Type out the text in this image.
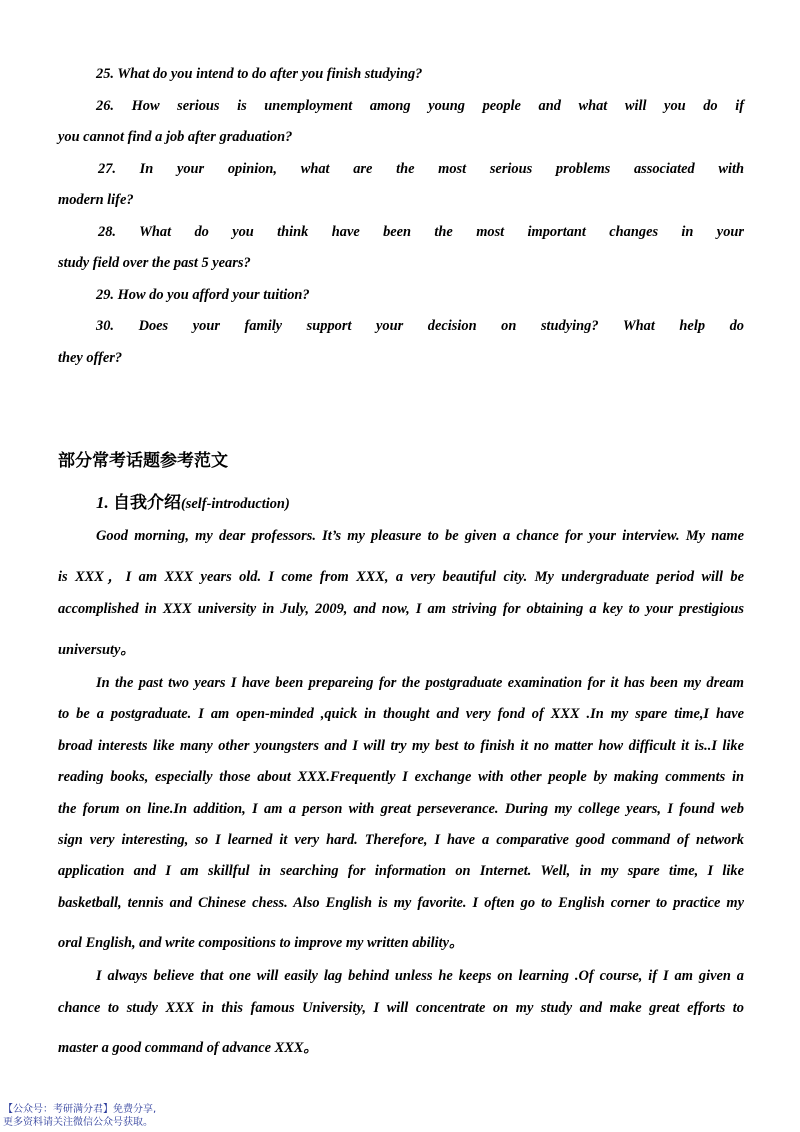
25. What do you intend to do after you finish studying?
26. How serious is unemployment among young people and what will you do if
you cannot find a job after graduation?
27. In your opinion, what are the most serious problems associated with
modern life?
28. What do you think have been the most important changes in your
study field over the past 5 years?
29. How do you afford your tuition?
30. Does your family support your decision on studying? What help do
they offer?
部分常考话题参考范文
1. 自我介绍(self-introduction)
Good morning, my dear professors. It’s my pleasure to be given a chance for your interview. My name
is XXX，I am XXX years old. I come from XXX, a very beautiful city. My undergraduate period will be
accomplished in XXX university in July, 2009, and now, I am striving for obtaining a key to your prestigious
universuty。
In the past two years I have been prepareing for the postgraduate examination for it has been my dream
to be a postgraduate. I am open-minded ,quick in thought and very fond of XXX .In my spare time,I have
broad interests like many other youngsters and I will try my best to finish it no matter how difficult it is..I like
reading books, especially those about XXX.Frequently I exchange with other people by making comments in
the forum on line.In addition, I am a person with great perseverance. During my college years, I found web
sign very interesting, so I learned it very hard. Therefore, I have a comparative good command of network
application and I am skillful in searching for information on Internet. Well, in my spare time, I like
basketball, tennis and Chinese chess. Also English is my favorite. I often go to English corner to practice my
oral English, and write compositions to improve my written ability。
I always believe that one will easily lag behind unless he keeps on learning .Of course, if I am given a
chance to study XXX in this famous University, I will concentrate on my study and make great efforts to
master a good command of advance XXX。
【公众号：考研满分君】免费分享,
更多资料请关注微信公众号获取。
